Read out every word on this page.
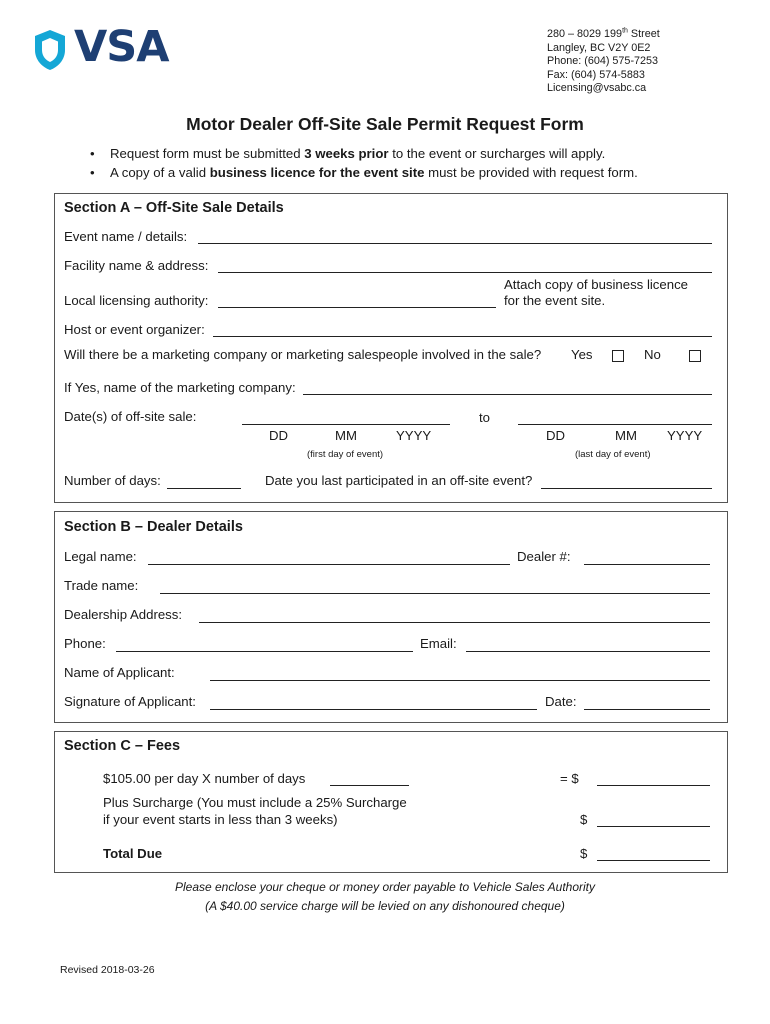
VSA	280 – 8029 199th Street
Langley, BC V2Y 0E2
Phone: (604) 575-7253
Fax: (604) 574-5883
Licensing@vsabc.ca
Motor Dealer Off-Site Sale Permit Request Form
• Request form must be submitted 3 weeks prior to the event or surcharges will apply.
• A copy of a valid business licence for the event site must be provided with request form.
Section A – Off-Site Sale Details
Event name / details:
Facility name & address:
Attach copy of business licence
for the event site.
Local licensing authority:
Host or event organizer:
Will there be a marketing company or marketing salespeople involved in the sale? Yes	No
If Yes, name of the marketing company:
Date(s) of off-site sale:	to
DD	MM	YYYY	DD	MM YYYY
(first day of event)	(last day of event)
Number of days:	Date you last participated in an off-site event?
Section B – Dealer Details
Legal name:	Dealer #:
Trade name:
Dealership Address:
Phone:	Email:
Name of Applicant:
Signature of Applicant:	Date:
Section C – Fees
$105.00 per day X number of days	= $
Plus Surcharge (You must include a 25% Surcharge
if your event starts in less than 3 weeks)	$
Total Due	$
Please enclose your cheque or money order payable to Vehicle Sales Authority
(A $40.00 service charge will be levied on any dishonoured cheque)
Revised 2018-03-26
